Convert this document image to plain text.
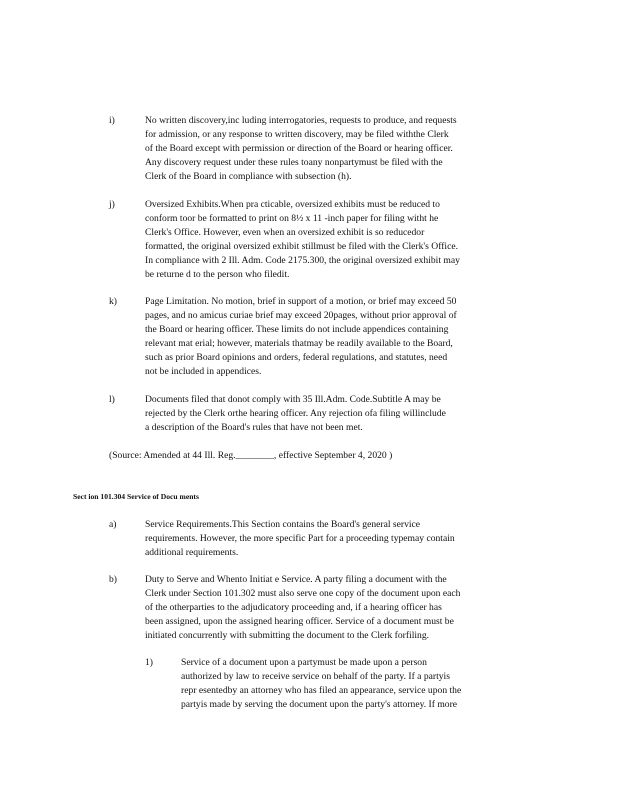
i)	No written discovery,inc luding interrogatories, requests to produce, and requests
for admission, or any response to written discovery, may be filed withthe Clerk
of the Board except with permission or direction of the Board or hearing officer.
Any discovery request under these rules toany nonpartymust be filed with the
Clerk of the Board in compliance with subsection (h).
j)	Oversized Exhibits.When pra cticable, oversized exhibits must be reduced to
conform toor be formatted to print on 8½ x 11 -inch paper for filing witht he
Clerk's Office. However, even when an oversized exhibit is so reducedor
formatted, the original oversized exhibit stillmust be filed with the Clerk's Office.
In compliance with 2 Ill. Adm. Code 2175.300, the original oversized exhibit may
be returne d to the person who filedit.
k)	Page Limitation. No motion, brief in support of a motion, or brief may exceed 50
pages, and no amicus curiae brief may exceed 20pages, without prior approval of
the Board or hearing officer. These limits do not include appendices containing
relevant mat erial; however, materials thatmay be readily available to the Board,
such as prior Board opinions and orders, federal regulations, and statutes, need
not be included in appendices.
l)	Documents filed that donot comply with 35 Ill.Adm. Code.Subtitle A may be
rejected by the Clerk orthe hearing officer. Any rejection ofa filing willinclude
a description of the Board's rules that have not been met.
(Source: Amended at 44 Ill. Reg.________, effective September 4, 2020 )
Sect ion 101.304 Service of Docu ments
a)	Service Requirements.This Section contains the Board's general service
requirements. However, the more specific Part for a proceeding typemay contain
additional requirements.
b)	Duty to Serve and Whento Initiat e Service. A party filing a document with the
Clerk under Section 101.302 must also serve one copy of the document upon each
of the otherparties to the adjudicatory proceeding and, if a hearing officer has
been assigned, upon the assigned hearing officer. Service of a document must be
initiated concurrently with submitting the document to the Clerk forfiling.
1)	Service of a document upon a partymust be made upon a person
authorized by law to receive service on behalf of the party. If a partyis
repr esentedby an attorney who has filed an appearance, service upon the
partyis made by serving the document upon the party's attorney. If more
